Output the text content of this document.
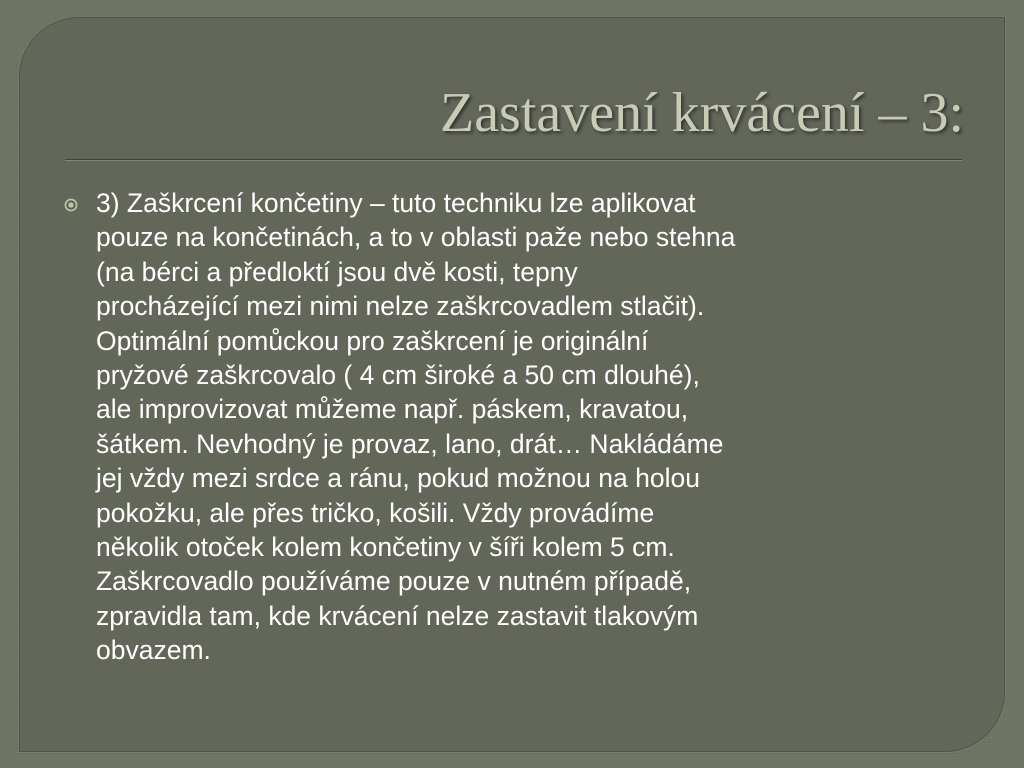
Zastavení krvácení – 3:

3) Zaškrcení končetiny – tuto techniku lze aplikovat
pouze na končetinách, a to v oblasti paže nebo stehna
(na bérci a předloktí jsou dvě kosti, tepny
procházející mezi nimi nelze zaškrcovadlem stlačit).
Optimální pomůckou pro zaškrcení je originální
pryžové zaškrcovalo ( 4 cm široké a 50 cm dlouhé),
ale improvizovat můžeme např. páskem, kravatou,
šátkem. Nevhodný je provaz, lano, drát… Nakládáme
jej vždy mezi srdce a ránu, pokud možnou na holou
pokožku, ale přes tričko, košili. Vždy provádíme
několik otoček kolem končetiny v šíři kolem 5 cm.
Zaškrcovadlo používáme pouze v nutném případě,
zpravidla tam, kde krvácení nelze zastavit tlakovým
obvazem.
